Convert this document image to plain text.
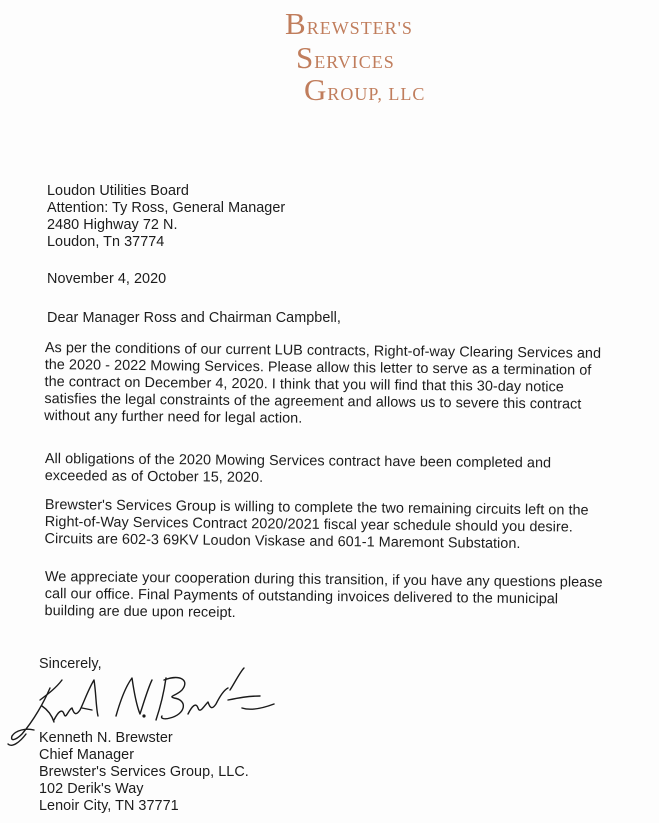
BREWSTER'S
SERVICES
GROUP, LLC
Loudon Utilities Board
Attention: Ty Ross, General Manager
2480 Highway 72 N.
Loudon, Tn 37774
November 4, 2020
Dear Manager Ross and Chairman Campbell,
As per the conditions of our current LUB contracts, Right-of-way Clearing Services and
the 2020 - 2022 Mowing Services. Please allow this letter to serve as a termination of
the contract on December 4, 2020. I think that you will find that this 30-day notice
satisfies the legal constraints of the agreement and allows us to severe this contract
without any further need for legal action.
All obligations of the 2020 Mowing Services contract have been completed and
exceeded as of October 15, 2020.
Brewster's Services Group is willing to complete the two remaining circuits left on the
Right-of-Way Services Contract 2020/2021 fiscal year schedule should you desire.
Circuits are 602-3 69KV Loudon Viskase and 601-1 Maremont Substation.
We appreciate your cooperation during this transition, if you have any questions please
call our office. Final Payments of outstanding invoices delivered to the municipal
building are due upon receipt.
Sincerely,
Kenneth N. Brewster
Chief Manager
Brewster's Services Group, LLC.
102 Derik's Way
Lenoir City, TN 37771
